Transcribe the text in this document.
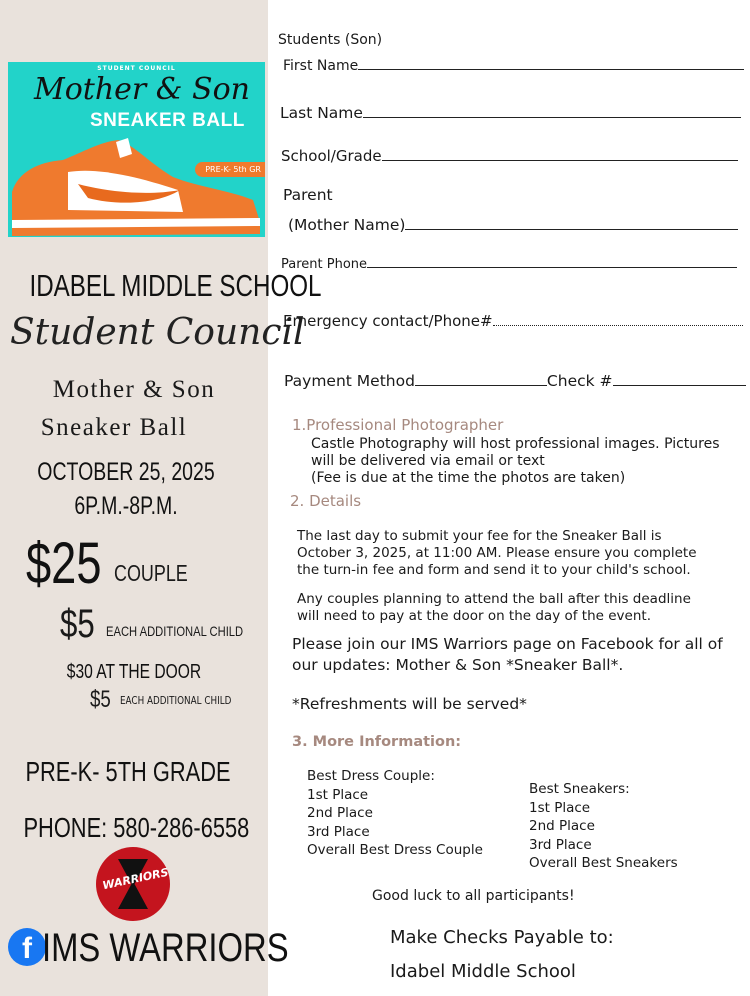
STUDENT COUNCIL
Mother & Son
SNEAKER BALL
PRE-K- 5th GR
IDABEL MIDDLE SCHOOL
Student Council
Mother & Son
Sneaker Ball
OCTOBER 25, 2025
6P.M.-8P.M.
$25 COUPLE
$5 EACH ADDITIONAL CHILD
$30 AT THE DOOR
$5 EACH ADDITIONAL CHILD
PRE-K- 5TH GRADE
PHONE: 580-286-6558
WARRIORS
f IMS WARRIORS
Students (Son)
First Name
Last Name
School/Grade
Parent
(Mother Name)
Parent Phone
Emergency contact/Phone#
Payment Method	Check #
1.Professional Photographer
Castle Photography will host professional images. Pictures
will be delivered via email or text
(Fee is due at the time the photos are taken)
2. Details
The last day to submit your fee for the Sneaker Ball is
October 3, 2025, at 11:00 AM. Please ensure you complete
the turn-in fee and form and send it to your child's school.
Any couples planning to attend the ball after this deadline
will need to pay at the door on the day of the event.
Please join our IMS Warriors page on Facebook for all of
our updates: Mother & Son *Sneaker Ball*.
*Refreshments will be served*
3. More Information:
Best Dress Couple:
1st Place
2nd Place
3rd Place
Overall Best Dress Couple
Best Sneakers:
1st Place
2nd Place
3rd Place
Overall Best Sneakers
Good luck to all participants!
Make Checks Payable to:
Idabel Middle School
